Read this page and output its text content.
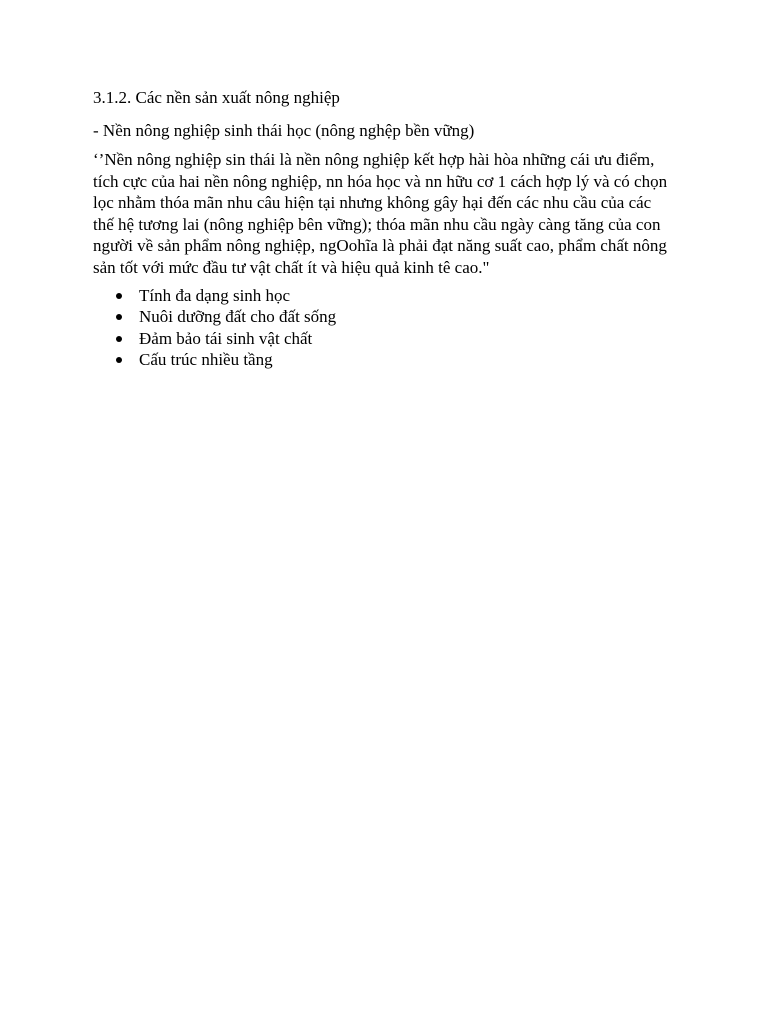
3.1.2. Các nền sản xuất nông nghiệp

- Nền nông nghiệp sinh thái học (nông nghệp bền vững)

‘’Nền nông nghiệp sin thái là nền nông nghiệp kết hợp hài hòa những cái ưu điểm, tích cực của hai nền nông nghiệp, nn hóa học và nn hữu cơ 1 cách hợp lý và có chọn lọc nhằm thóa mãn nhu câu hiện tại nhưng không gây hại đến các nhu cầu của các thế hệ tương lai (nông nghiệp bên vững); thóa mãn nhu cầu ngày càng tăng của con người về sản phẩm nông nghiệp, ngOohĩa là phải đạt năng suất cao, phẩm chất nông sản tốt với mức đầu tư vật chất ít và hiệu quả kinh tê cao."

Tính đa dạng sinh học
Nuôi dưỡng đất cho đất sống
Đảm bảo tái sinh vật chất
Cấu trúc nhiều tầng
